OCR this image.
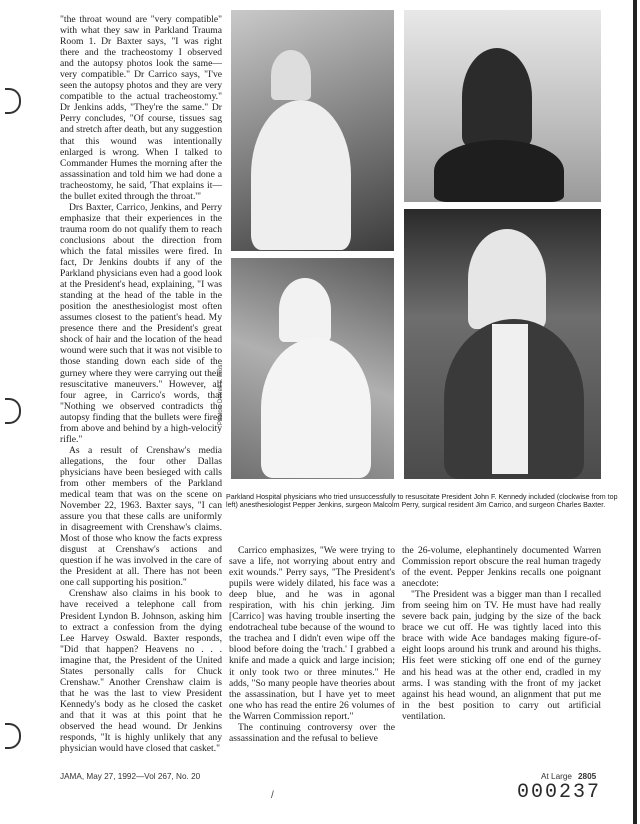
"the throat wound are "very compatible" with what they saw in Parkland Trauma Room 1. Dr Baxter says, "I was right there and the tracheostomy I observed and the autopsy photos look the same—very compatible." Dr Carrico says, "I've seen the autopsy photos and they are very compatible to the actual tracheostomy." Dr Jenkins adds, "They're the same." Dr Perry concludes, "Of course, tissues sag and stretch after death, but any suggestion that this wound was intentionally enlarged is wrong. When I talked to Commander Humes the morning after the assassination and told him we had done a tracheostomy, he said, 'That explains it—the bullet exited through the throat.'"

Drs Baxter, Carrico, Jenkins, and Perry emphasize that their experiences in the trauma room do not qualify them to reach conclusions about the direction from which the fatal missiles were fired. In fact, Dr Jenkins doubts if any of the Parkland physicians even had a good look at the President's head, explaining, "I was standing at the head of the table in the position the anesthesiologist most often assumes closest to the patient's head. My presence there and the President's great shock of hair and the location of the head wound were such that it was not visible to those standing down each side of the gurney where they were carrying out their resuscitative maneuvers." However, all four agree, in Carrico's words, that "Nothing we observed contradicts the autopsy finding that the bullets were fired from above and behind by a high-velocity rifle."

As a result of Crenshaw's media allegations, the four other Dallas physicians have been besieged with calls from other members of the Parkland medical team that was on the scene on November 22, 1963. Baxter says, "I can assure you that these calls are uniformly in disagreement with Crenshaw's claims. Most of those who know the facts express disgust at Crenshaw's actions and question if he was involved in the care of the President at all. There has not been one call supporting his position."

Crenshaw also claims in his book to have received a telephone call from President Lyndon B. Johnson, asking him to extract a confession from the dying Lee Harvey Oswald. Baxter responds, "Did that happen? Heavens no . . . imagine that, the President of the United States personally calls for Chuck Crenshaw." Another Crenshaw claim is that he was the last to view President Kennedy's body as he closed the casket and that it was at this point that he observed the head wound. Dr Jenkins responds, "It is highly unlikely that any physician would have closed that casket."

Photos: Derrell L. Bros.
Parkland Hospital physicians who tried unsuccessfully to resuscitate President John F. Kennedy included (clockwise from top left) anesthesiologist Pepper Jenkins, surgeon Malcolm Perry, surgical resident Jim Carrico, and surgeon Charles Baxter.

Carrico emphasizes, "We were trying to save a life, not worrying about entry and exit wounds." Perry says, "The President's pupils were widely dilated, his face was a deep blue, and he was in agonal respiration, with his chin jerking. Jim [Carrico] was having trouble inserting the endotracheal tube because of the wound to the trachea and I didn't even wipe off the blood before doing the 'trach.' I grabbed a knife and made a quick and large incision; it only took two or three minutes." He adds, "So many people have theories about the assassination, but I have yet to meet one who has read the entire 26 volumes of the Warren Commission report."

The continuing controversy over the assassination and the refusal to believe

the 26-volume, elephantinely documented Warren Commission report obscure the real human tragedy of the event. Pepper Jenkins recalls one poignant anecdote:

"The President was a bigger man than I recalled from seeing him on TV. He must have had really severe back pain, judging by the size of the back brace we cut off. He was tightly laced into this brace with wide Ace bandages making figure-of-eight loops around his trunk and around his thighs. His feet were sticking off one end of the gurney and his head was at the other end, cradled in my arms. I was standing with the front of my jacket against his head wound, an alignment that put me in the best position to carry out artificial ventilation.

JAMA, May 27, 1992—Vol 267, No. 20	At Large 2805
000237
/
